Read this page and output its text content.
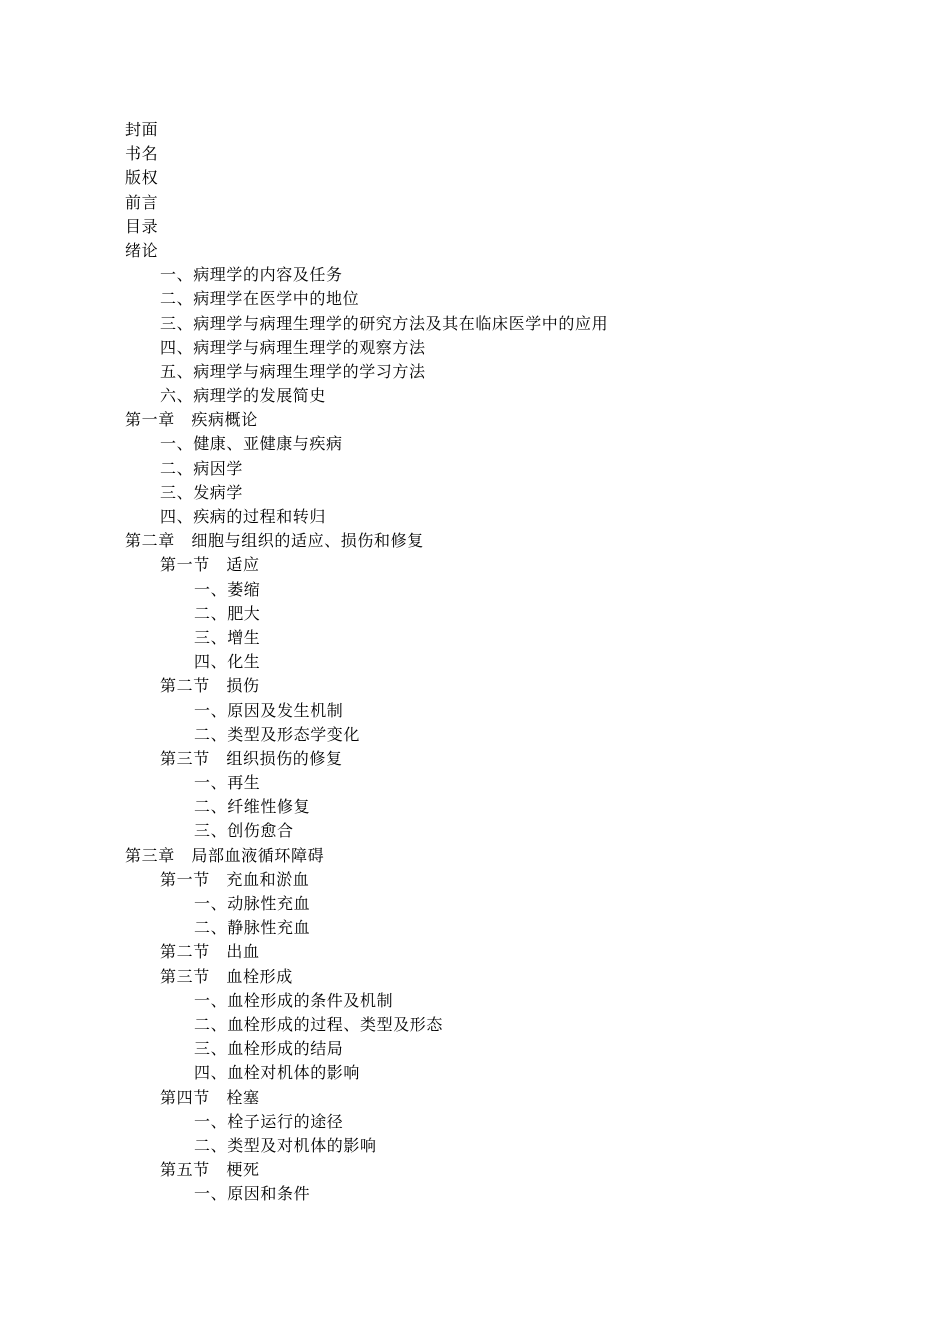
封面
书名
版权
前言
目录
绪论
一、病理学的内容及任务
二、病理学在医学中的地位
三、病理学与病理生理学的研究方法及其在临床医学中的应用
四、病理学与病理生理学的观察方法
五、病理学与病理生理学的学习方法
六、病理学的发展简史
第一章　疾病概论
一、健康、亚健康与疾病
二、病因学
三、发病学
四、疾病的过程和转归
第二章　细胞与组织的适应、损伤和修复
第一节　适应
一、萎缩
二、肥大
三、增生
四、化生
第二节　损伤
一、原因及发生机制
二、类型及形态学变化
第三节　组织损伤的修复
一、再生
二、纤维性修复
三、创伤愈合
第三章　局部血液循环障碍
第一节　充血和淤血
一、动脉性充血
二、静脉性充血
第二节　出血
第三节　血栓形成
一、血栓形成的条件及机制
二、血栓形成的过程、类型及形态
三、血栓形成的结局
四、血栓对机体的影响
第四节　栓塞
一、栓子运行的途径
二、类型及对机体的影响
第五节　梗死
一、原因和条件
